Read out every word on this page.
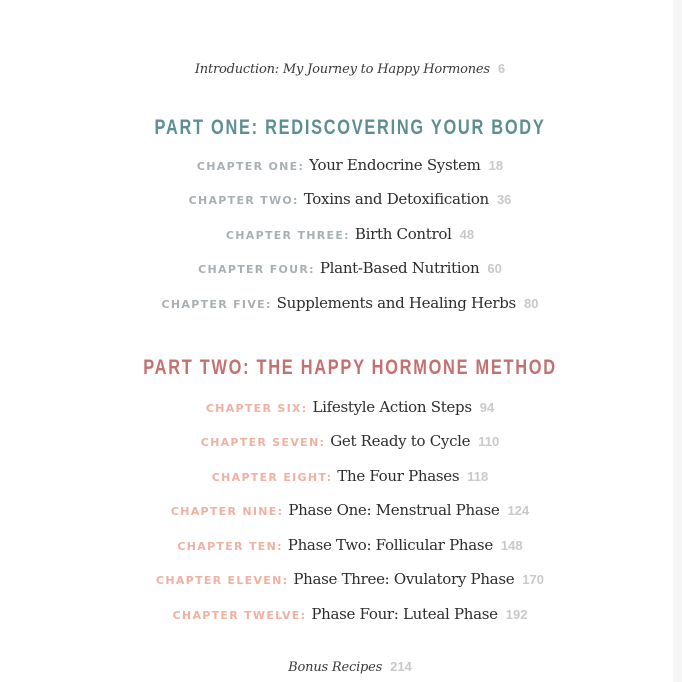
Introduction: My Journey to Happy Hormones 6
PART ONE: REDISCOVERING YOUR BODY
CHAPTER ONE: Your Endocrine System 18
CHAPTER TWO: Toxins and Detoxification 36
CHAPTER THREE: Birth Control 48
CHAPTER FOUR: Plant-Based Nutrition 60
CHAPTER FIVE: Supplements and Healing Herbs 80
PART TWO: THE HAPPY HORMONE METHOD
CHAPTER SIX: Lifestyle Action Steps 94
CHAPTER SEVEN: Get Ready to Cycle 110
CHAPTER EIGHT: The Four Phases 118
CHAPTER NINE: Phase One: Menstrual Phase 124
CHAPTER TEN: Phase Two: Follicular Phase 148
CHAPTER ELEVEN: Phase Three: Ovulatory Phase 170
CHAPTER TWELVE: Phase Four: Luteal Phase 192
Bonus Recipes 214
